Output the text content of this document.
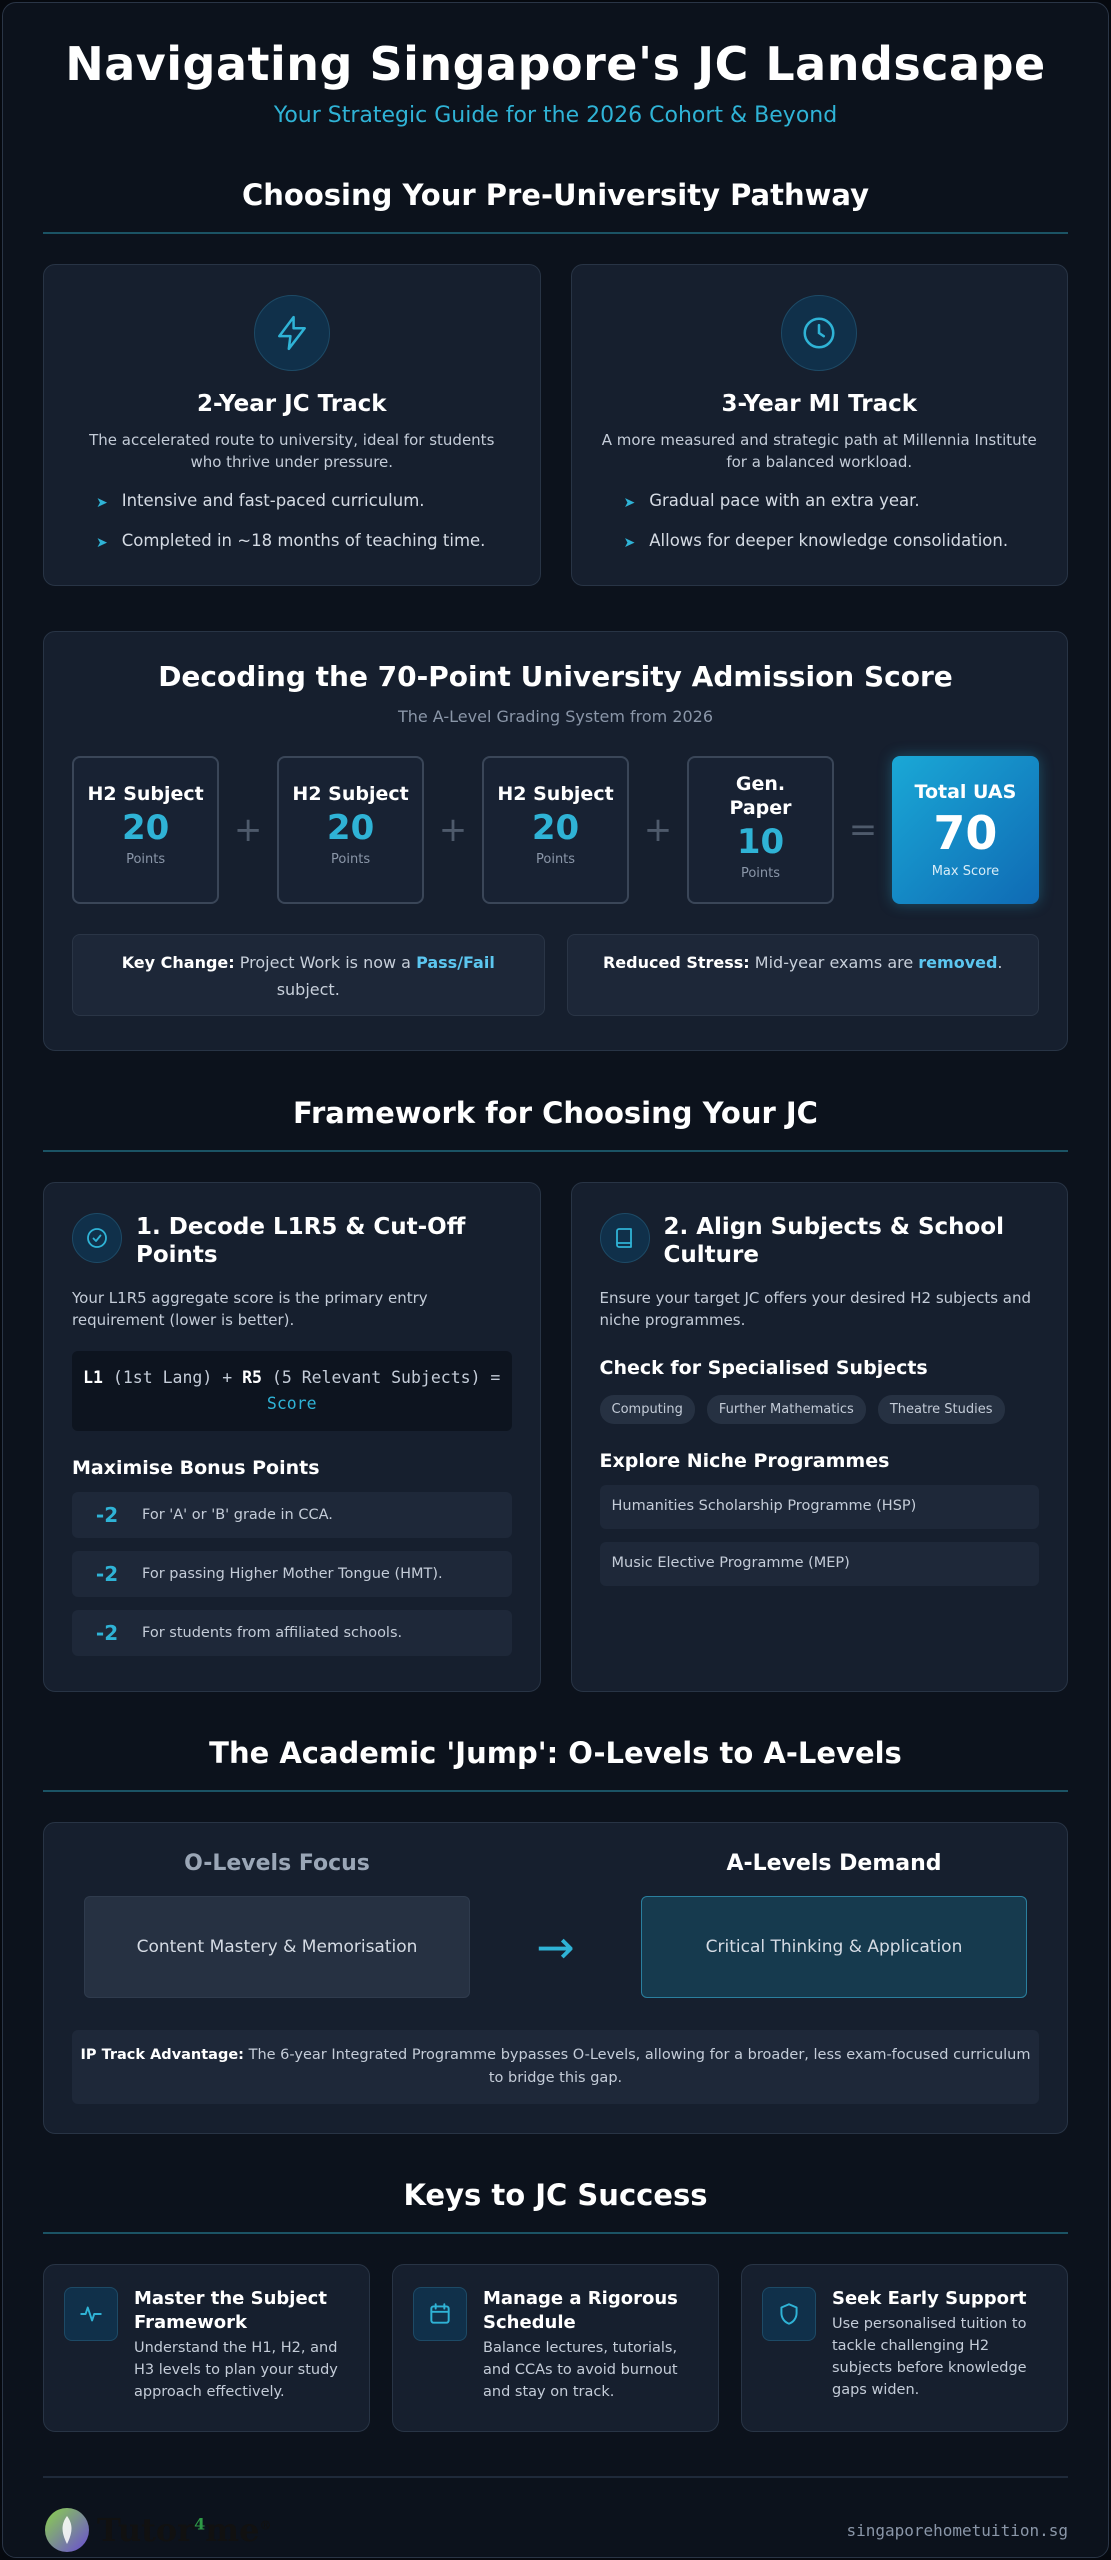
Navigating Singapore's JC Landscape
Your Strategic Guide for the 2026 Cohort & Beyond
Choosing Your Pre-University Pathway
2-Year JC Track
The accelerated route to university, ideal for students who thrive under pressure.
➤ Intensive and fast-paced curriculum.
➤ Completed in ~18 months of teaching time.
3-Year MI Track
A more measured and strategic path at Millennia Institute for a balanced workload.
➤ Gradual pace with an extra year.
➤ Allows for deeper knowledge consolidation.
Decoding the 70-Point University Admission Score
The A-Level Grading System from 2026
H2 Subject
20
Points
+
H2 Subject
20
Points
+
H2 Subject
20
Points
+
Gen. Paper
10
Points
=
Total UAS
70
Max Score
Key Change: Project Work is now a Pass/Fail
subject.
Reduced Stress: Mid-year exams are removed.
Framework for Choosing Your JC
1. Decode L1R5 & Cut-Off Points
Your L1R5 aggregate score is the primary entry requirement (lower is better).
L1 (1st Lang) + R5 (5 Relevant Subjects) = Score
Maximise Bonus Points
-2	For 'A' or 'B' grade in CCA.
-2	For passing Higher Mother Tongue (HMT).
-2	For students from affiliated schools.
2. Align Subjects & School Culture
Ensure your target JC offers your desired H2 subjects and niche programmes.
Check for Specialised Subjects
Computing	Further Mathematics	Theatre Studies
Explore Niche Programmes
Humanities Scholarship Programme (HSP)
Music Elective Programme (MEP)
The Academic 'Jump': O-Levels to A-Levels
O-Levels Focus	A-Levels Demand
Content Mastery & Memorisation	→	Critical Thinking & Application
IP Track Advantage: The 6-year Integrated Programme bypasses O-Levels, allowing for a broader, less exam-focused curriculum to bridge this gap.
Keys to JC Success
Master the Subject Framework
Understand the H1, H2, and H3 levels to plan your study approach effectively.
Manage a Rigorous Schedule
Balance lectures, tutorials, and CCAs to avoid burnout and stay on track.
Seek Early Support
Use personalised tuition to tackle challenging H2 subjects before knowledge gaps widen.
Tutor$^4$me®	singaporehometuition.sg
